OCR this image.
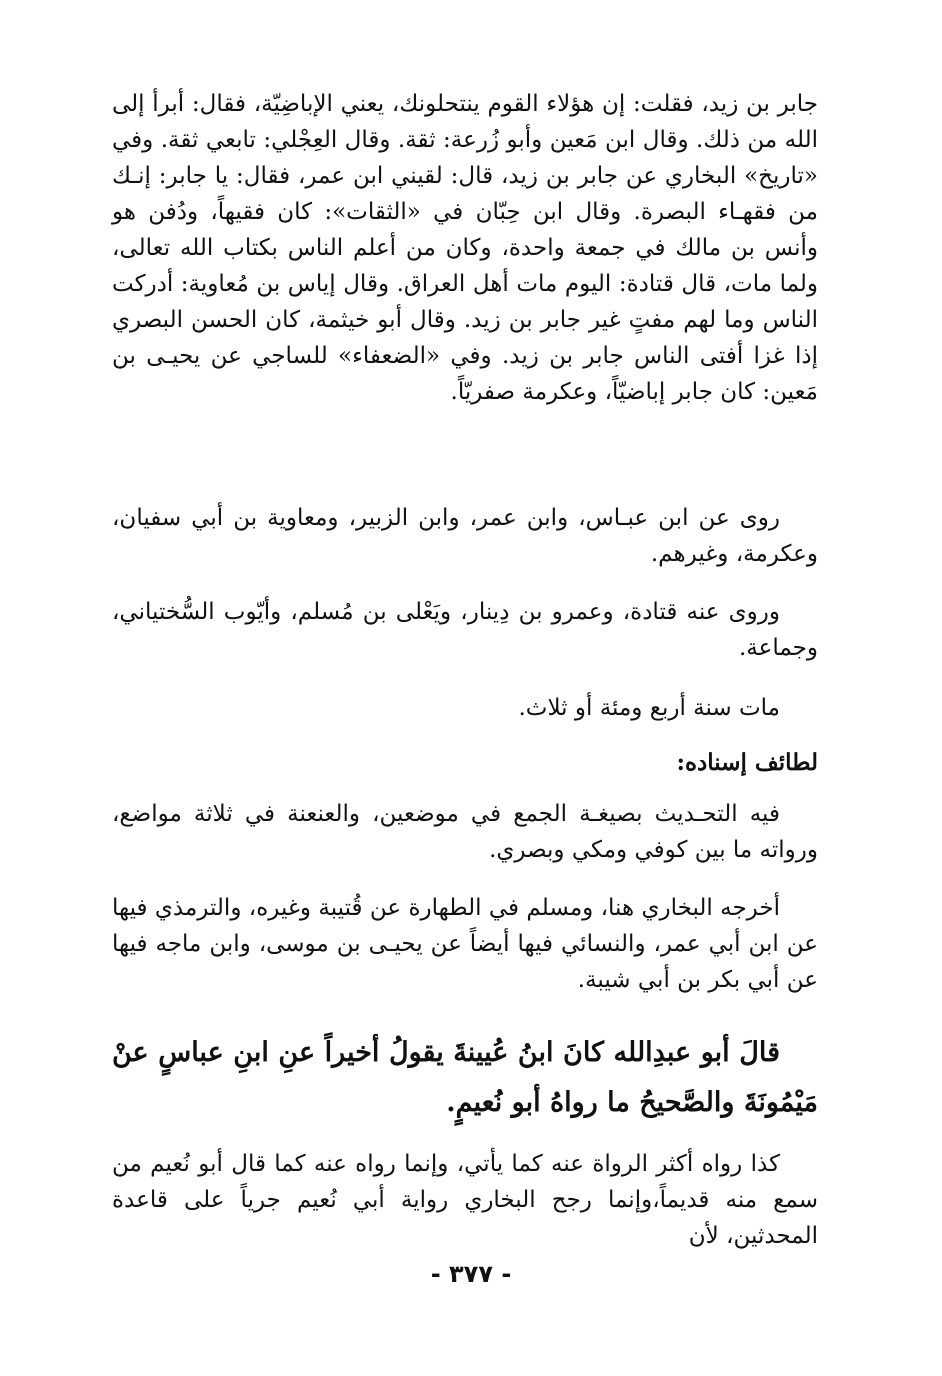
جابر بن زيد، فقلت: إن هؤلاء القوم ينتحلونك، يعني الإباضِيّة، فقال: أبرأ إلى الله من ذلك. وقال ابن مَعين وأبو زُرعة: ثقة. وقال العِجْلي: تابعي ثقة. وفي «تاريخ» البخاري عن جابر بن زيد، قال: لقيني ابن عمر، فقال: يا جابر: إنـك من فقهـاء البصرة. وقال ابن حِبّان في «الثقات»: كان فقيهاً، ودُفن هو وأنس بن مالك في جمعة واحدة، وكان من أعلم الناس بكتاب الله تعالى، ولما مات، قال قتادة: اليوم مات أهل العراق. وقال إياس بن مُعاوية: أدركت الناس وما لهم مفتٍ غير جابر بن زيد. وقال أبو خيثمة، كان الحسن البصري إذا غزا أفتى الناس جابر بن زيد. وفي «الضعفاء» للساجي عن يحيـى بن مَعين: كان جابر إباضيّاً، وعكرمة صفريّاً.

روى عن ابن عبـاس، وابن عمر، وابن الزبير، ومعاوية بن أبي سفيان، وعكرمة، وغيرهم.

وروى عنه قتادة، وعمرو بن دِينار، ويَعْلى بن مُسلم، وأيّوب السُّختياني، وجماعة.

مات سنة أربع ومئة أو ثلاث.

لطائف إسناده:

فيه التحـديث بصيغـة الجمع في موضعين، والعنعنة في ثلاثة مواضع، ورواته ما بين كوفي ومكي وبصري.

أخرجه البخاري هنا، ومسلم في الطهارة عن قُتيبة وغيره، والترمذي فيها عن ابن أبي عمر، والنسائي فيها أيضاً عن يحيـى بن موسى، وابن ماجه فيها عن أبي بكر بن أبي شيبة.

قالَ أبو عبدِالله كانَ ابنُ عُيينةَ يقولُ أخيراً عنِ ابنِ عباسٍ عنْ مَيْمُونَةَ والصَّحيحُ ما رواهُ أبو نُعيمٍ.

كذا رواه أكثر الرواة عنه كما يأتي، وإنما رواه عنه كما قال أبو نُعيم من سمع منه قديماً،وإنما رجح البخاري رواية أبي نُعيم جرياً على قاعدة المحدثين، لأن

- ٣٧٧ -
